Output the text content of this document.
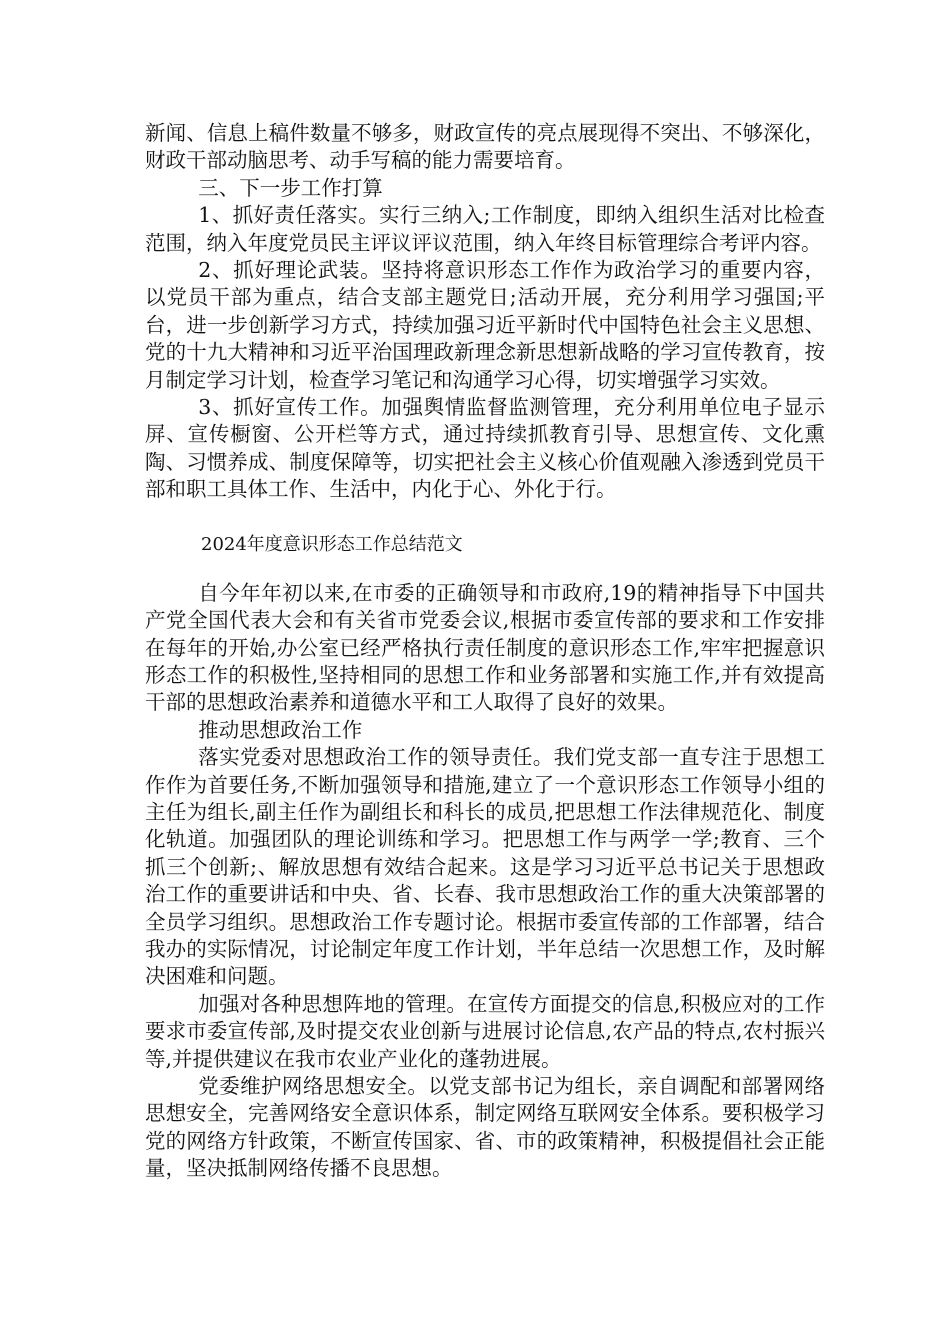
新闻、信息上稿件数量不够多，财政宣传的亮点展现得不突出、不够深化，财政干部动脑思考、动手写稿的能力需要培育。

三、下一步工作打算

1、抓好责任落实。实行三纳入;工作制度，即纳入组织生活对比检查范围，纳入年度党员民主评议评议范围，纳入年终目标管理综合考评内容。

2、抓好理论武装。坚持将意识形态工作作为政治学习的重要内容，以党员干部为重点，结合支部主题党日;活动开展，充分利用学习强国;平台，进一步创新学习方式，持续加强习近平新时代中国特色社会主义思想、党的十九大精神和习近平治国理政新理念新思想新战略的学习宣传教育，按月制定学习计划，检查学习笔记和沟通学习心得，切实增强学习实效。

3、抓好宣传工作。加强舆情监督监测管理，充分利用单位电子显示屏、宣传橱窗、公开栏等方式，通过持续抓教育引导、思想宣传、文化熏陶、习惯养成、制度保障等，切实把社会主义核心价值观融入渗透到党员干部和职工具体工作、生活中，内化于心、外化于行。

2024年度意识形态工作总结范文

自今年年初以来,在市委的正确领导和市政府,19的精神指导下中国共产党全国代表大会和有关省市党委会议,根据市委宣传部的要求和工作安排在每年的开始,办公室已经严格执行责任制度的意识形态工作,牢牢把握意识形态工作的积极性,坚持相同的思想工作和业务部署和实施工作,并有效提高干部的思想政治素养和道德水平和工人取得了良好的效果。

推动思想政治工作

落实党委对思想政治工作的领导责任。我们党支部一直专注于思想工作作为首要任务,不断加强领导和措施,建立了一个意识形态工作领导小组的主任为组长,副主任作为副组长和科长的成员,把思想工作法律规范化、制度化轨道。加强团队的理论训练和学习。把思想工作与两学一学;教育、三个抓三个创新;、解放思想有效结合起来。这是学习习近平总书记关于思想政治工作的重要讲话和中央、省、长春、我市思想政治工作的重大决策部署的全员学习组织。思想政治工作专题讨论。根据市委宣传部的工作部署，结合我办的实际情况，讨论制定年度工作计划，半年总结一次思想工作，及时解决困难和问题。

加强对各种思想阵地的管理。在宣传方面提交的信息,积极应对的工作要求市委宣传部,及时提交农业创新与进展讨论信息,农产品的特点,农村振兴等,并提供建议在我市农业产业化的蓬勃进展。

党委维护网络思想安全。以党支部书记为组长，亲自调配和部署网络思想安全，完善网络安全意识体系，制定网络互联网安全体系。要积极学习党的网络方针政策，不断宣传国家、省、市的政策精神，积极提倡社会正能量，坚决抵制网络传播不良思想。
